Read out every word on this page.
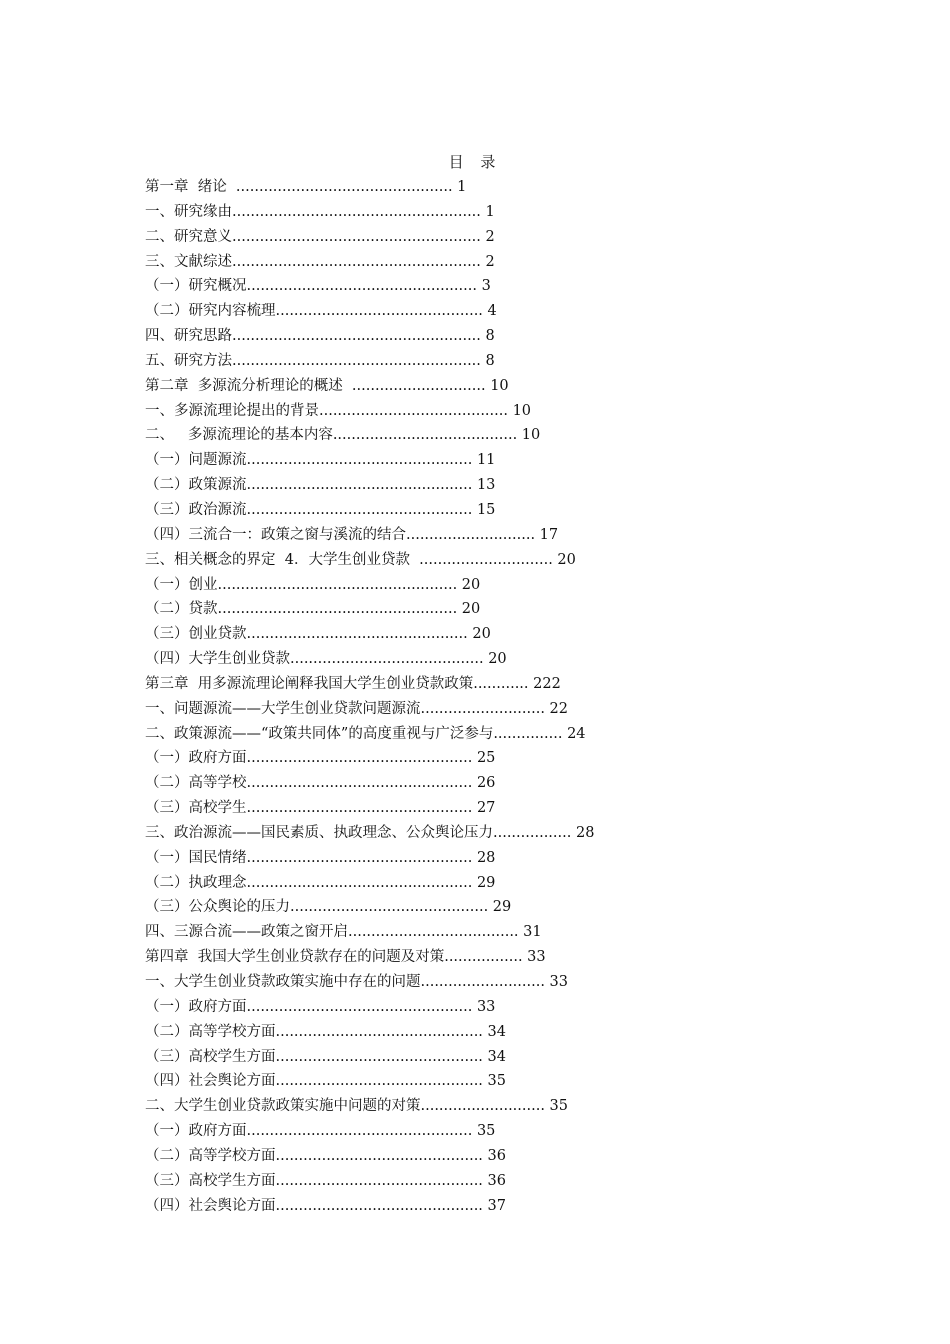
目 录
第一章  绪论  ............................................... 1
一、研究缘由...................................................... 1
二、研究意义...................................................... 2
三、文献综述...................................................... 2
（一）研究概况.................................................. 3
（二）研究内容梳理............................................. 4
四、研究思路...................................................... 8
五、研究方法...................................................... 8
第二章  多源流分析理论的概述  ............................. 10
一、多源流理论提出的背景......................................... 10
二、   多源流理论的基本内容........................................ 10
（一）问题源流................................................. 11
（二）政策源流................................................. 13
（三）政治源流................................................. 15
（四）三流合一：政策之窗与溪流的结合............................ 17
三、相关概念的界定  4．大学生创业贷款  ............................. 20
（一）创业.................................................... 20
（二）贷款.................................................... 20
（三）创业贷款................................................ 20
（四）大学生创业贷款.......................................... 20
第三章  用多源流理论阐释我国大学生创业贷款政策............ 222
一、问题源流——大学生创业贷款问题源流........................... 22
二、政策源流——“政策共同体”的高度重视与广泛参与............... 24
（一）政府方面................................................. 25
（二）高等学校................................................. 26
（三）高校学生................................................. 27
三、政治源流——国民素质、执政理念、公众舆论压力................. 28
（一）国民情绪................................................. 28
（二）执政理念................................................. 29
（三）公众舆论的压力........................................... 29
四、三源合流——政策之窗开启..................................... 31
第四章  我国大学生创业贷款存在的问题及对策................. 33
一、大学生创业贷款政策实施中存在的问题........................... 33
（一）政府方面................................................. 33
（二）高等学校方面............................................. 34
（三）高校学生方面............................................. 34
（四）社会舆论方面............................................. 35
二、大学生创业贷款政策实施中问题的对策........................... 35
（一）政府方面................................................. 35
（二）高等学校方面............................................. 36
（三）高校学生方面............................................. 36
（四）社会舆论方面............................................. 37
